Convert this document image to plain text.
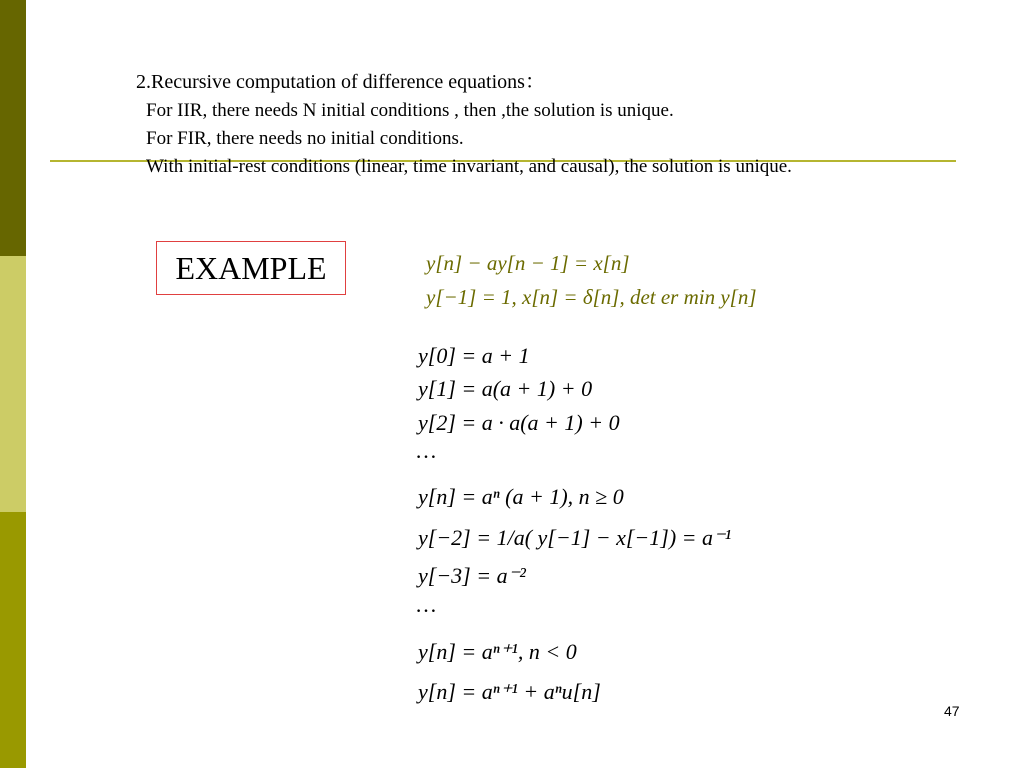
2.Recursive computation of difference equations：
For IIR, there needs N initial conditions , then ,the solution is unique.
For FIR, there needs no initial conditions.
With initial-rest conditions (linear, time invariant, and causal), the solution is unique.
EXAMPLE	y[n] − ay[n − 1] = x[n]
y[−1] = 1, x[n] = δ[n], det er min y[n]
y[0] = a + 1
y[1] = a(a + 1) + 0
y[2] = a · a(a + 1) + 0
…
y[n] = aⁿ (a + 1), n ≥ 0
y[−2] = 1/a( y[−1] − x[−1]) = a⁻¹
y[−3] = a⁻²
…
y[n] = aⁿ⁺¹, n < 0
y[n] = aⁿ⁺¹ + aⁿu[n]
47
